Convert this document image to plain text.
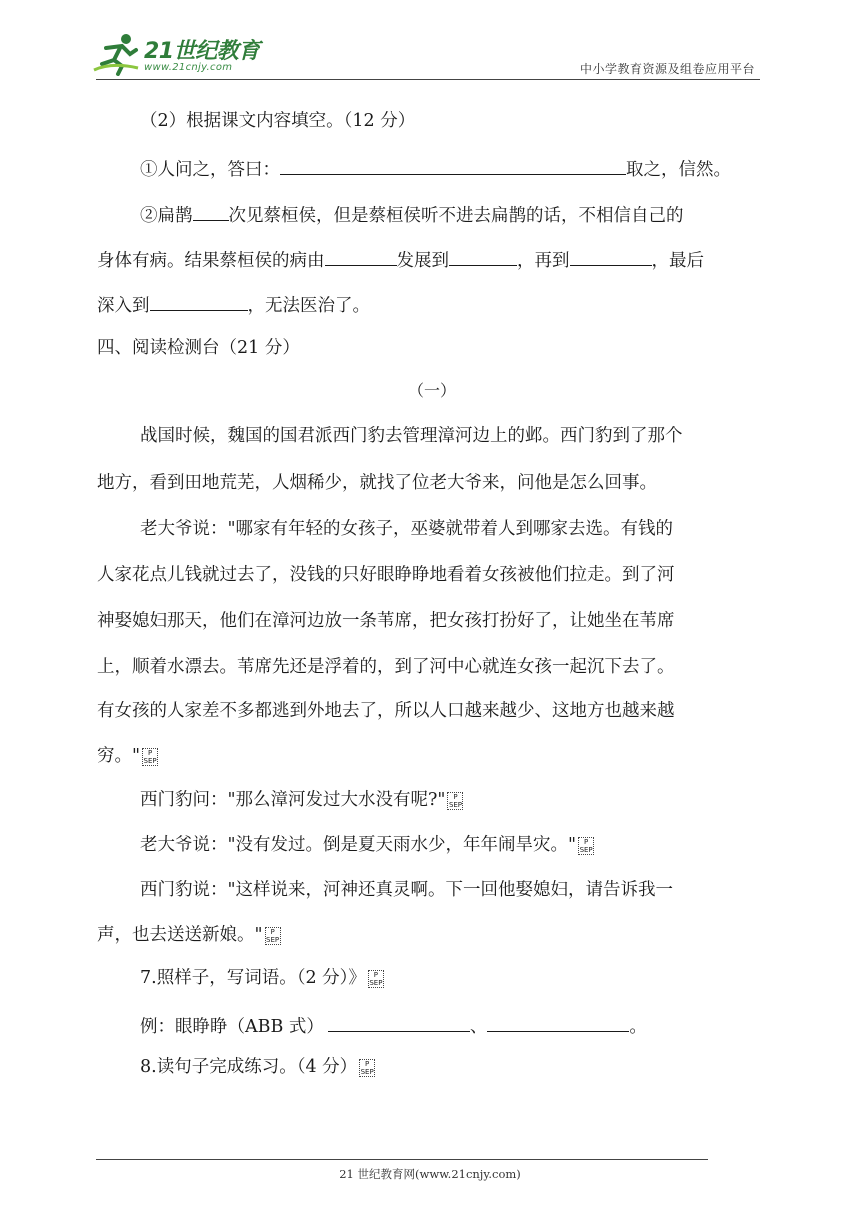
21世纪教育
www.21cnjy.com	中小学教育资源及组卷应用平台
（2）根据课文内容填空。（12 分）
①人问之，答曰：	取之，信然。
②扁鹊 次见蔡桓侯，但是蔡桓侯听不进去扁鹊的话，不相信自己的
身体有病。结果蔡桓侯的病由	发展到	，再到	，最后
深入到	，无法医治了。
四、阅读检测台（21 分）
（一）
战国时候，魏国的国君派西门豹去管理漳河边上的邺。西门豹到了那个
地方，看到田地荒芜，人烟稀少，就找了位老大爷来，问他是怎么回事。
老大爷说："哪家有年轻的女孩子，巫婆就带着人到哪家去选。有钱的
人家花点儿钱就过去了，没钱的只好眼睁睁地看着女孩被他们拉走。到了河
神娶媳妇那天，他们在漳河边放一条苇席，把女孩打扮好了，让她坐在苇席
上，顺着水漂去。苇席先还是浮着的，到了河中心就连女孩一起沉下去了。
有女孩的人家差不多都逃到外地去了，所以人口越来越少、这地方也越来越
穷。" P
SEP
西门豹问："那么漳河发过大水没有呢?" P
SEP
老大爷说："没有发过。倒是夏天雨水少，年年闹旱灾。" P
SEP
西门豹说："这样说来，河神还真灵啊。下一回他娶媳妇，请告诉我一
声，也去送送新娘。" P
SEP
7.照样子，写词语。（2 分）》 P
SEP
例：眼睁睁（ABB 式）	、	。
8.读句子完成练习。（4 分） P
SEP
21 世纪教育网(www.21cnjy.com)
